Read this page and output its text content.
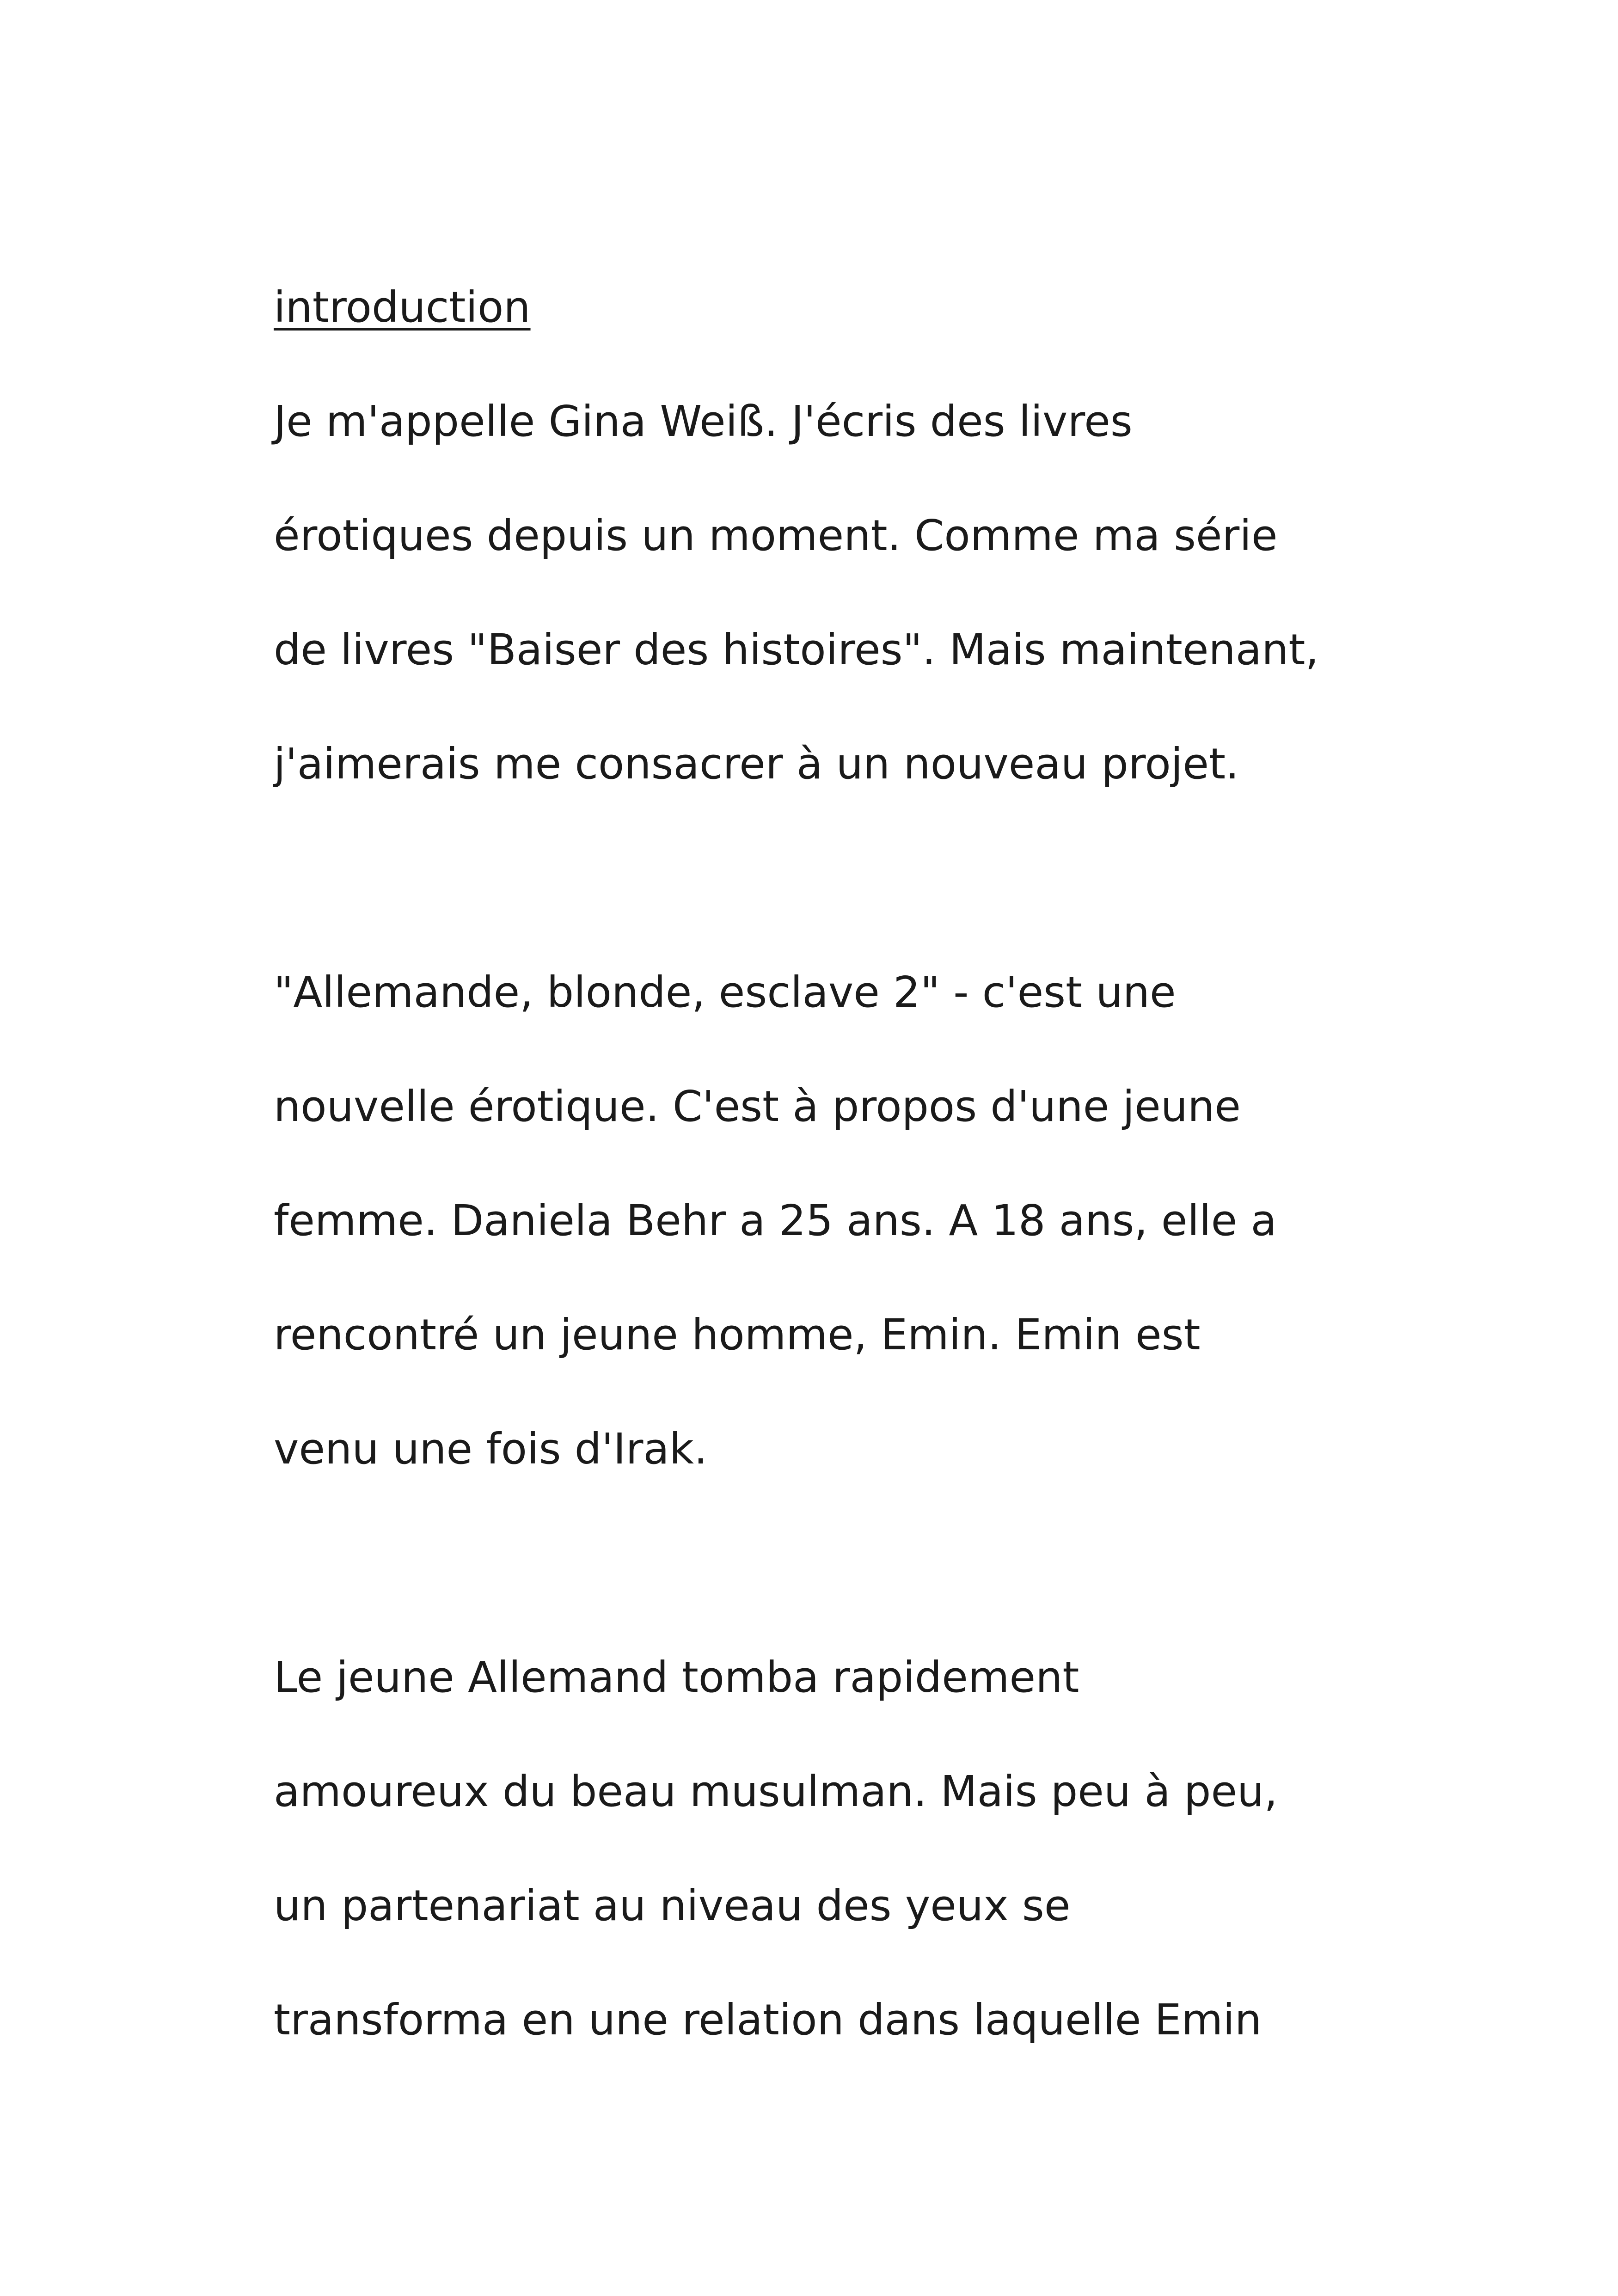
introduction
Je m'appelle Gina Weiß. J'écris des livres
érotiques depuis un moment. Comme ma série
de livres "Baiser des histoires". Mais maintenant,
j'aimerais me consacrer à un nouveau projet.
"Allemande, blonde, esclave 2" - c'est une
nouvelle érotique. C'est à propos d'une jeune
femme. Daniela Behr a 25 ans. A 18 ans, elle a
rencontré un jeune homme, Emin. Emin est
venu une fois d'Irak.
Le jeune Allemand tomba rapidement
amoureux du beau musulman. Mais peu à peu,
un partenariat au niveau des yeux se
transforma en une relation dans laquelle Emin
